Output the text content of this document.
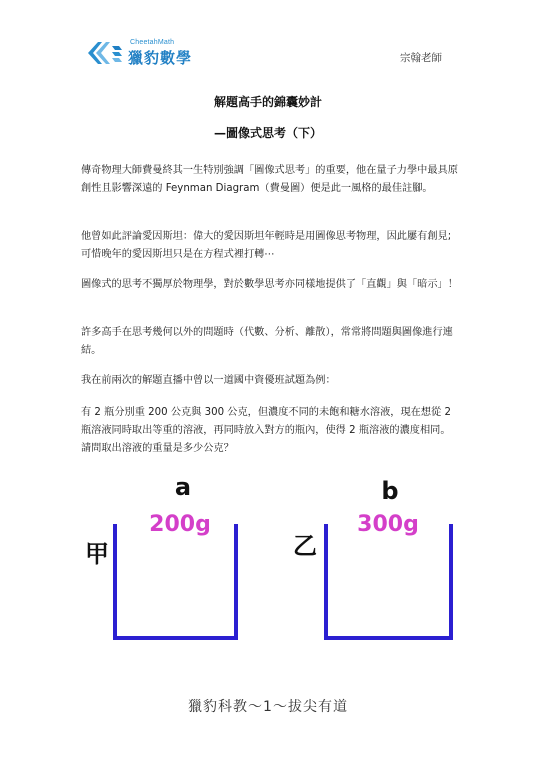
CheetahMath
獵豹數學	宗翰老師
解題高手的錦囊妙計
—圖像式思考（下）
傳奇物理大師費曼終其一生特別強調「圖像式思考」的重要，他在量子力學中最具原創性且影響深遠的 Feynman Diagram（費曼圖）便是此一風格的最佳註腳。
他曾如此評論愛因斯坦：偉大的愛因斯坦年輕時是用圖像思考物理，因此屢有創見;可惜晚年的愛因斯坦只是在方程式裡打轉⋯
圖像式的思考不獨厚於物理學，對於數學思考亦同樣地提供了「直觀」與「暗示」！
許多高手在思考幾何以外的問題時（代數、分析、離散），常常將問題與圖像進行連結。
我在前兩次的解題直播中曾以一道國中資優班試題為例：
有 2 瓶分別重 200 公克與 300 公克，但濃度不同的未飽和糖水溶液，現在想從 2 瓶溶液同時取出等重的溶液，再同時放入對方的瓶內，使得 2 瓶溶液的濃度相同。請問取出溶液的重量是多少公克？
a
200g
甲
b
300g
乙
獵豹科教～1～拔尖有道
